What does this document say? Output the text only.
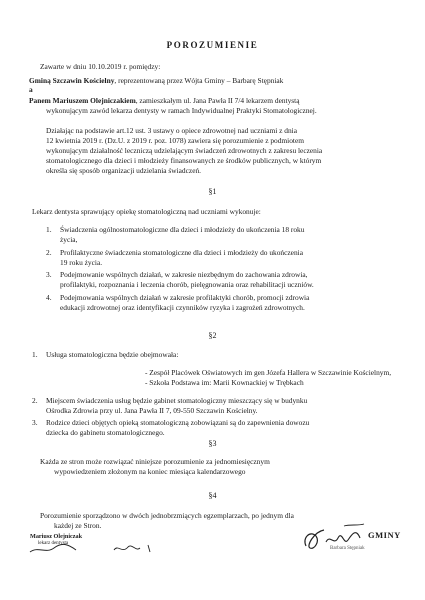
POROZUMIENIE
Zawarte w dniu 10.10.2019 r. pomiędzy:
Gminą Szczawin Kościelny, reprezentowaną przez Wójta Gminy – Barbarę Stępniak
a
Panem Mariuszem Olejniczakiem, zamieszkałym ul. Jana Pawła II 7/4 lekarzem dentystą
wykonującym zawód lekarza dentysty w ramach Indywidualnej Praktyki Stomatologicznej.
Działając na podstawie art.12 ust. 3 ustawy o opiece zdrowotnej nad uczniami z dnia
12 kwietnia 2019 r. (Dz.U. z 2019 r. poz. 1078) zawiera się porozumienie z podmiotem
wykonującym działalność leczniczą udzielającym świadczeń zdrowotnych z zakresu leczenia
stomatologicznego dla dzieci i młodzieży finansowanych ze środków publicznych, w którym
określa się sposób organizacji udzielania świadczeń.
§1
Lekarz dentysta sprawujący opiekę stomatologiczną nad uczniami wykonuje:
1. Świadczenia ogólnostomatologiczne dla dzieci i młodzieży do ukończenia 18 roku
życia,
2. Profilaktyczne świadczenia stomatologiczne dla dzieci i młodzieży do ukończenia
19 roku życia.
3. Podejmowanie wspólnych działań, w zakresie niezbędnym do zachowania zdrowia,
profilaktyki, rozpoznania i leczenia chorób, pielęgnowania oraz rehabilitacji uczniów.
4. Podejmowania wspólnych działań w zakresie profilaktyki chorób, promocji zdrowia
edukacji zdrowotnej oraz identyfikacji czynników ryzyka i zagrożeń zdrowotnych.
§2
1. Usługa stomatologiczna będzie obejmowała:
- Zespół Placówek Oświatowych im gen Józefa Hallera w Szczawinie Kościelnym,
- Szkoła Podstawa im: Marii Kownackiej w Trębkach
2. Miejscem świadczenia usług będzie gabinet stomatologiczny mieszczący się w budynku
Ośrodka Zdrowia przy ul. Jana Pawła II 7, 09-550 Szczawin Kościelny.
3. Rodzice dzieci objętych opieką stomatologiczną zobowiązani są do zapewnienia dowozu
dziecka do gabinetu stomatologicznego.
§3
Każda ze stron może rozwiązać niniejsze porozumienie za jednomiesięcznym
wypowiedzeniem złożonym na koniec miesiąca kalendarzowego
§4
Porozumienie sporządzono w dwóch jednobrzmiących egzemplarzach, po jednym dla
każdej ze Stron.
Mariusz Olejniczak
lekarz dentysta
GMINY
Barbara Stępniak
